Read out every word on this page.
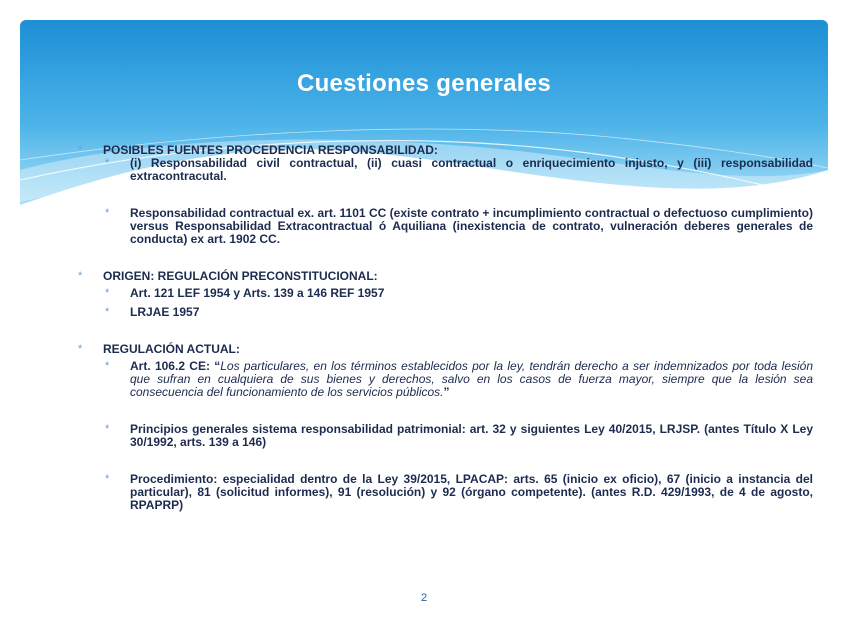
Cuestiones generales
* POSIBLES FUENTES PROCEDENCIA RESPONSABILIDAD:
* (i) Responsabilidad civil contractual, (ii) cuasi contractual o enriquecimiento injusto, y (iii) responsabilidad extracontracutal.
* Responsabilidad contractual ex. art. 1101 CC (existe contrato + incumplimiento contractual o defectuoso cumplimiento) versus Responsabilidad Extracontractual ó Aquiliana (inexistencia de contrato, vulneración deberes generales de conducta) ex art. 1902 CC.
* ORIGEN: REGULACIÓN PRECONSTITUCIONAL:
* Art. 121 LEF 1954 y Arts. 139 a 146 REF 1957
* LRJAE 1957
* REGULACIÓN ACTUAL:
* Art. 106.2 CE: “Los particulares, en los términos establecidos por la ley, tendrán derecho a ser indemnizados por toda lesión que sufran en cualquiera de sus bienes y derechos, salvo en los casos de fuerza mayor, siempre que la lesión sea consecuencia del funcionamiento de los servicios públicos.”
* Principios generales sistema responsabilidad patrimonial: art. 32 y siguientes Ley 40/2015, LRJSP. (antes Título X Ley 30/1992, arts. 139 a 146)
* Procedimiento: especialidad dentro de la Ley 39/2015, LPACAP: arts. 65 (inicio ex oficio), 67 (inicio a instancia del particular), 81 (solicitud informes), 91 (resolución) y 92 (órgano competente). (antes R.D. 429/1993, de 4 de agosto, RPAPRP)
2
